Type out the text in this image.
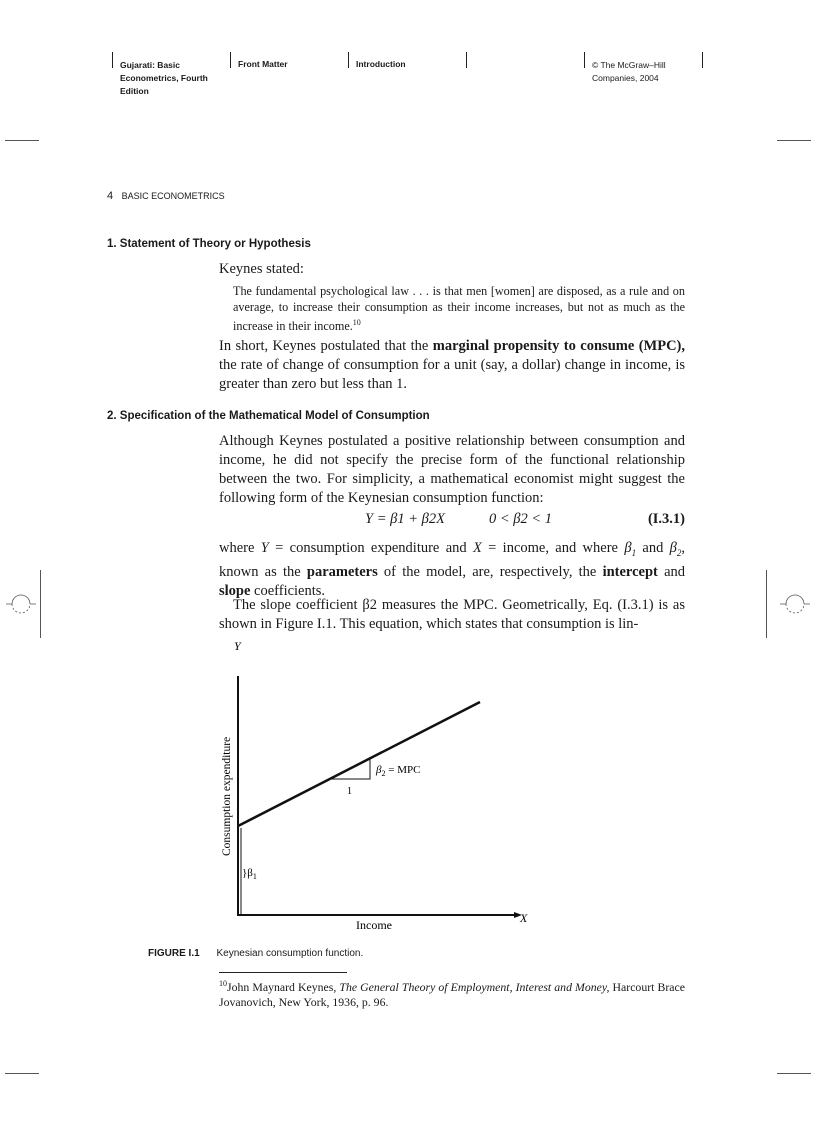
Gujarati: Basic Econometrics, Fourth Edition
Front Matter	Introduction	© The McGraw–Hill Companies, 2004
4 BASIC ECONOMETRICS
1. Statement of Theory or Hypothesis
Keynes stated:
The fundamental psychological law . . . is that men [women] are disposed, as a rule and on average, to increase their consumption as their income increases, but not as much as the increase in their income.$^{10}$
In short, Keynes postulated that the marginal propensity to consume (MPC), the rate of change of consumption for a unit (say, a dollar) change in income, is greater than zero but less than 1.
2. Specification of the Mathematical Model of Consumption
Although Keynes postulated a positive relationship between consumption and income, he did not specify the precise form of the functional relationship between the two. For simplicity, a mathematical economist might suggest the following form of the Keynesian consumption function:
Y = β1 + β2X	0 < β2 < 1	(I.3.1)
where Y = consumption expenditure and X = income, and where $\beta_1$ and $\beta_2$, known as the parameters of the model, are, respectively, the intercept and slope coefficients.
The slope coefficient β2 measures the MPC. Geometrically, Eq. (I.3.1) is as shown in Figure I.1. This equation, which states that consumption is lin-
Y
X
Income
Consumption expenditure
}$\beta_1$
$\beta_2$ = MPC
1
FIGURE I.1 Keynesian consumption function.
$^{10}$John Maynard Keynes, The General Theory of Employment, Interest and Money, Harcourt Brace Jovanovich, New York, 1936, p. 96.
